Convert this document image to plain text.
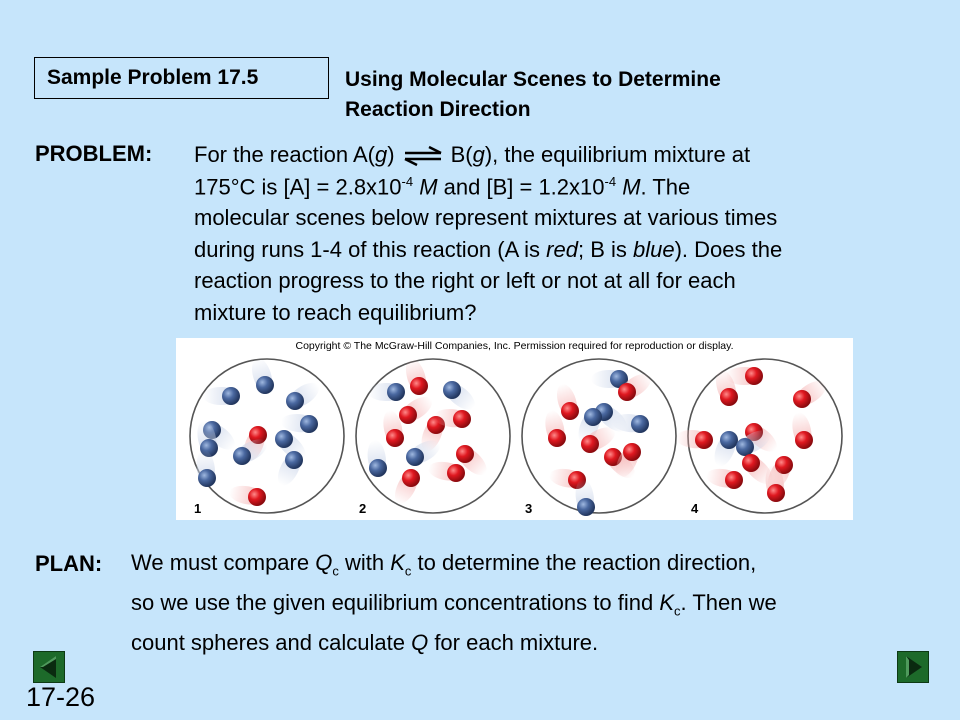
Sample Problem 17.5	Using Molecular Scenes to Determine
Reaction Direction
PROBLEM: For the reaction A(g) ⇌ B(g), the equilibrium mixture at
175°C is $[A] = 2.8x10^{-4}$ M and $[B] = 1.2x10^{-4}$ M. The
molecular scenes below represent mixtures at various times
during runs 1-4 of this reaction (A is red; B is blue). Does the
reaction progress to the right or left or not at all for each
mixture to reach equilibrium?
Copyright © The McGraw-Hill Companies, Inc. Permission required for reproduction or display.
1	2	3	4
PLAN: We must compare $Q_c$ with $K_c$ to determine the reaction direction,
so we use the given equilibrium concentrations to find $K_c$. Then we
count spheres and calculate Q for each mixture.
17-26
